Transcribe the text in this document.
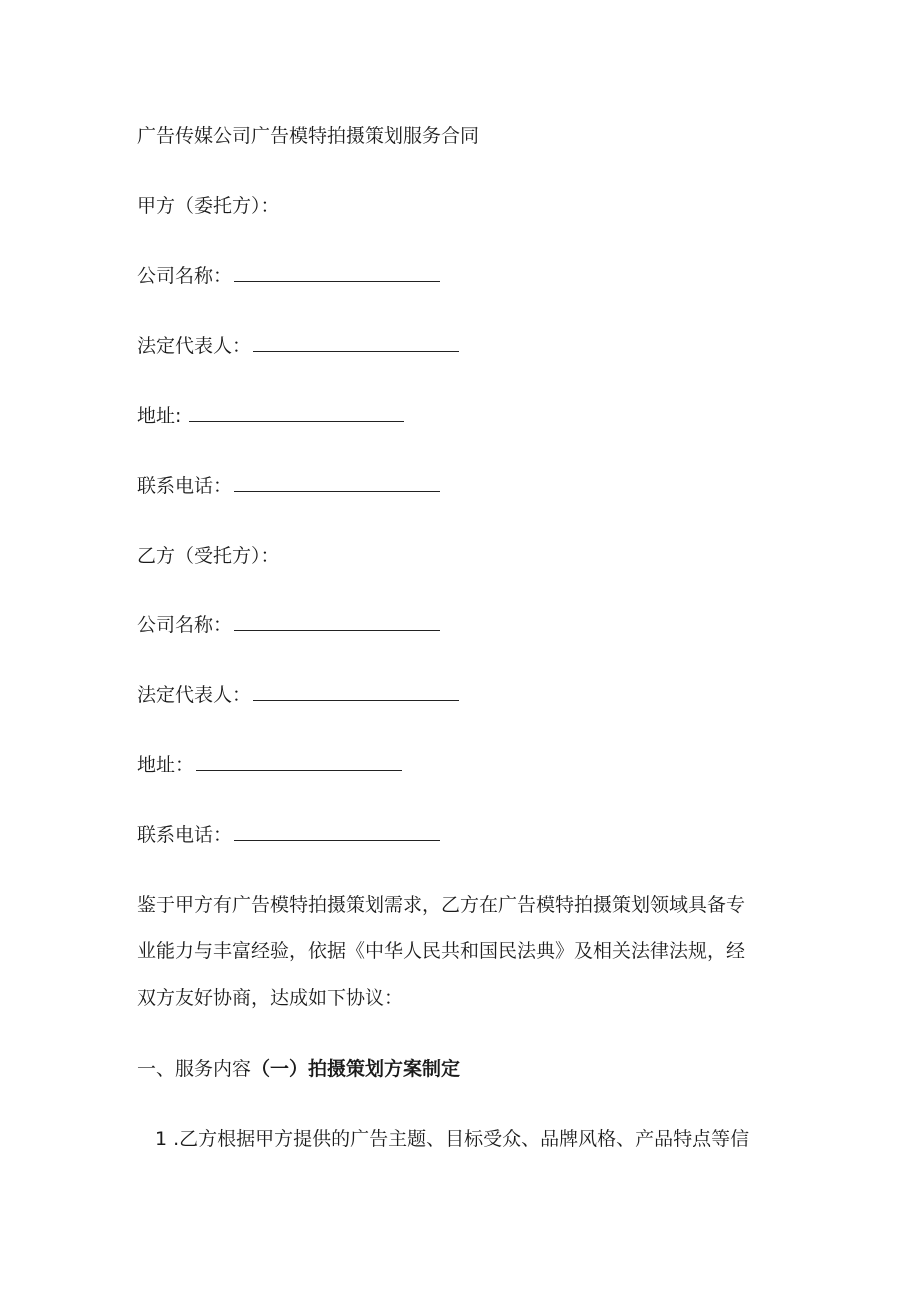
广告传媒公司广告模特拍摄策划服务合同
甲方（委托方）：
公司名称：
法定代表人：
地址:
联系电话：
乙方（受托方）：
公司名称：
法定代表人：
地址：
联系电话：
鉴于甲方有广告模特拍摄策划需求，乙方在广告模特拍摄策划领域具备专
业能力与丰富经验，依据《中华人民共和国民法典》及相关法律法规，经
双方友好协商，达成如下协议：
一、服务内容（一）拍摄策划方案制定
1 .乙方根据甲方提供的广告主题、目标受众、品牌风格、产品特点等信
